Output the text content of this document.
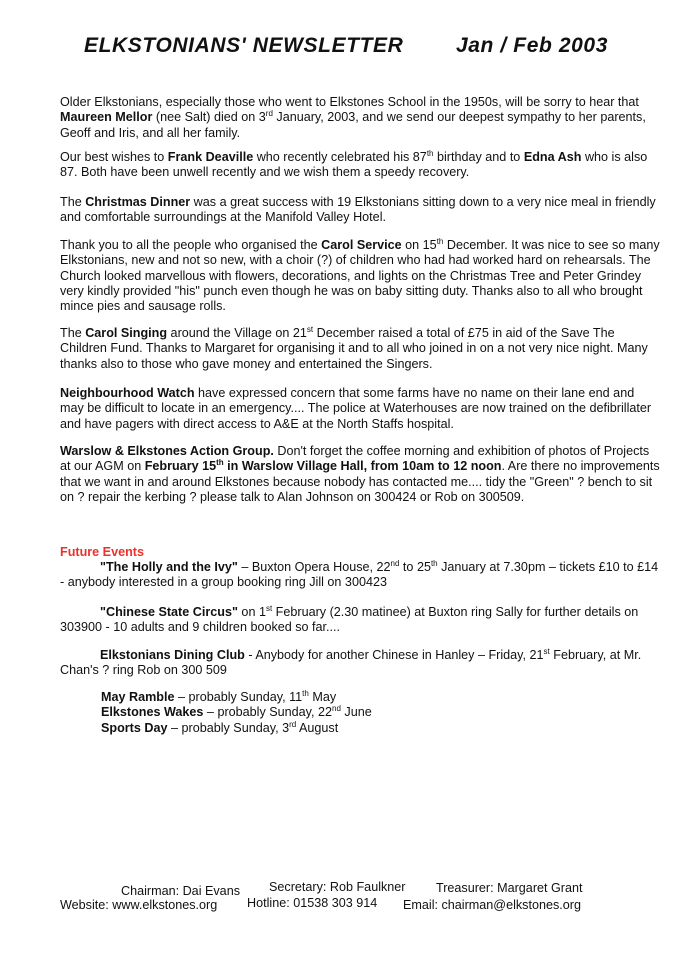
ELKSTONIANS' NEWSLETTER	Jan / Feb 2003
Older Elkstonians, especially those who went to Elkstones School in the 1950s, will be sorry to hear that Maureen Mellor (nee Salt) died on 3rd January, 2003, and we send our deepest sympathy to her parents, Geoff and Iris, and all her family.
Our best wishes to Frank Deaville who recently celebrated his 87th birthday and to Edna Ash who is also 87. Both have been unwell recently and we wish them a speedy recovery.
The Christmas Dinner was a great success with 19 Elkstonians sitting down to a very nice meal in friendly and comfortable surroundings at the Manifold Valley Hotel.
Thank you to all the people who organised the Carol Service on 15th December. It was nice to see so many Elkstonians, new and not so new, with a choir (?) of children who had had worked hard on rehearsals. The Church looked marvellous with flowers, decorations, and lights on the Christmas Tree and Peter Grindey very kindly provided "his" punch even though he was on baby sitting duty. Thanks also to all who brought mince pies and sausage rolls.
The Carol Singing around the Village on 21st December raised a total of £75 in aid of the Save The Children Fund. Thanks to Margaret for organising it and to all who joined in on a not very nice night. Many thanks also to those who gave money and entertained the Singers.
Neighbourhood Watch have expressed concern that some farms have no name on their lane end and may be difficult to locate in an emergency.... The police at Waterhouses are now trained on the defibrillater and have pagers with direct access to A&E at the North Staffs hospital.
Warslow & Elkstones Action Group. Don't forget the coffee morning and exhibition of photos of Projects at our AGM on February 15th in Warslow Village Hall, from 10am to 12 noon. Are there no improvements that we want in and around Elkstones because nobody has contacted me.... tidy the "Green" ? bench to sit on ? repair the kerbing ? please talk to Alan Johnson on 300424 or Rob on 300509.
Future Events
"The Holly and the Ivy" – Buxton Opera House, 22nd to 25th January at 7.30pm – tickets £10 to £14 - anybody interested in a group booking ring Jill on 300423
"Chinese State Circus" on 1st February (2.30 matinee) at Buxton ring Sally for further details on 303900 - 10 adults and 9 children booked so far....
Elkstonians Dining Club - Anybody for another Chinese in Hanley – Friday, 21st February, at Mr. Chan's ? ring Rob on 300 509
May Ramble – probably Sunday, 11th May
Elkstones Wakes – probably Sunday, 22nd June
Sports Day – probably Sunday, 3rd August
Chairman: Dai Evans Secretary: Rob Faulkner Treasurer: Margaret Grant
Website: www.elkstones.org Hotline: 01538 303 914 Email: chairman@elkstones.org
